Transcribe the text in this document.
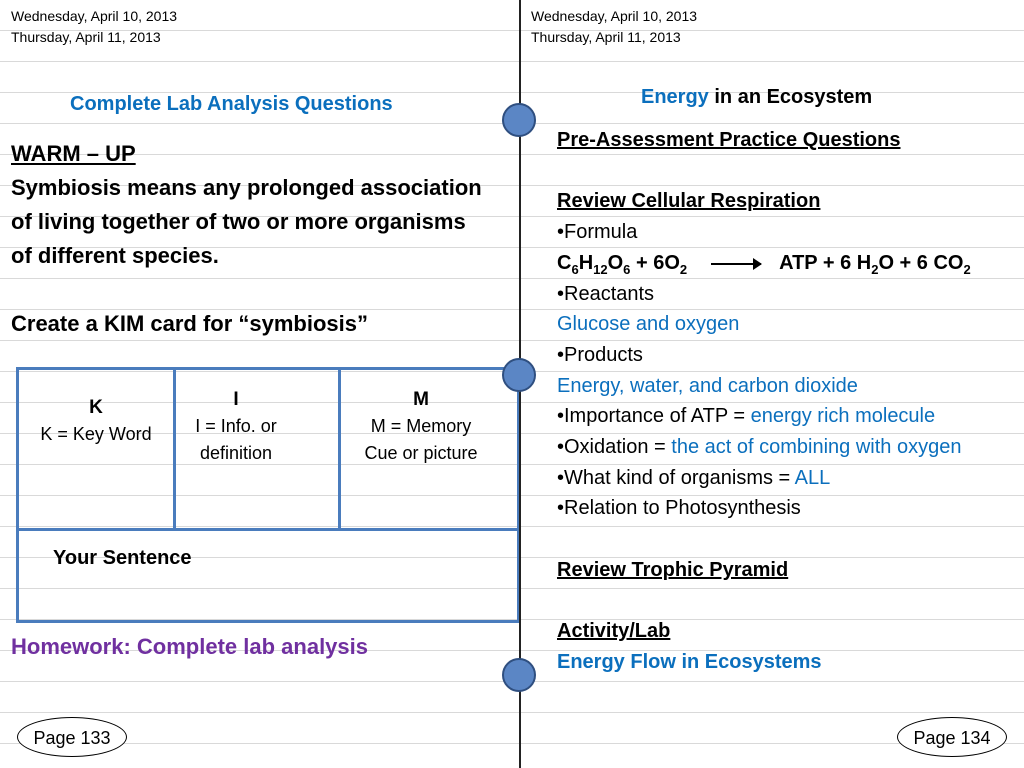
Wednesday, April 10, 2013
Thursday, April 11, 2013
Complete Lab Analysis Questions

WARM – UP

Symbiosis means any prolonged association of living together of two or more organisms of different species.

Create a KIM card for “symbiosis”

K
K = Key Word
I
I = Info. or
definition
M
M = Memory
Cue or picture
Your Sentence
Homework: Complete lab analysis
Page 133
Wednesday, April 10, 2013
Thursday, April 11, 2013
Energy in an Ecosystem
Pre-Assessment Practice Questions

Review Cellular Respiration
•Formula
$C_6H_{12}O_6 + 6O_2$	ATP + 6 $H_2O + 6$ $CO_2$
•Reactants
Glucose and oxygen
•Products
Energy, water, and carbon dioxide
•Importance of ATP = energy rich molecule
•Oxidation = the act of combining with oxygen
•What kind of organisms = ALL
•Relation to Photosynthesis

Review Trophic Pyramid

Activity/Lab
Energy Flow in Ecosystems
Page 134
